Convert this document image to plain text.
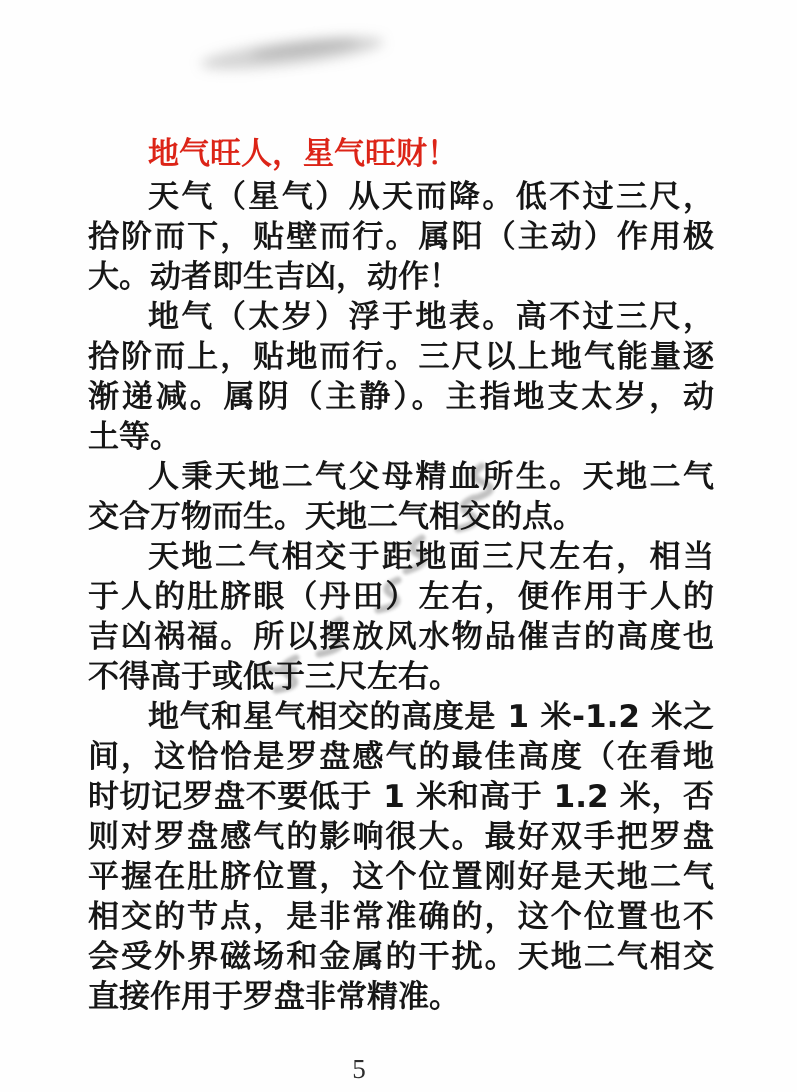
地气旺人，星气旺财！
天气（星气）从天而降。低不过三尺，
拾阶而下，贴壁而行。属阳（主动）作用极
大。动者即生吉凶，动作！
地气（太岁）浮于地表。高不过三尺，
拾阶而上，贴地而行。三尺以上地气能量逐
渐递减。属阴（主静）。主指地支太岁，动
土等。
人秉天地二气父母精血所生。天地二气
交合万物而生。天地二气相交的点。
天地二气相交于距地面三尺左右，相当
于人的肚脐眼（丹田）左右，便作用于人的
吉凶祸福。所以摆放风水物品催吉的高度也
不得高于或低于三尺左右。
地气和星气相交的高度是 1 米-1.2 米之
间，这恰恰是罗盘感气的最佳高度（在看地
时切记罗盘不要低于 1 米和高于 1.2 米，否
则对罗盘感气的影响很大。最好双手把罗盘
平握在肚脐位置，这个位置刚好是天地二气
相交的节点，是非常准确的，这个位置也不
会受外界磁场和金属的干扰。天地二气相交
直接作用于罗盘非常精准。
5
